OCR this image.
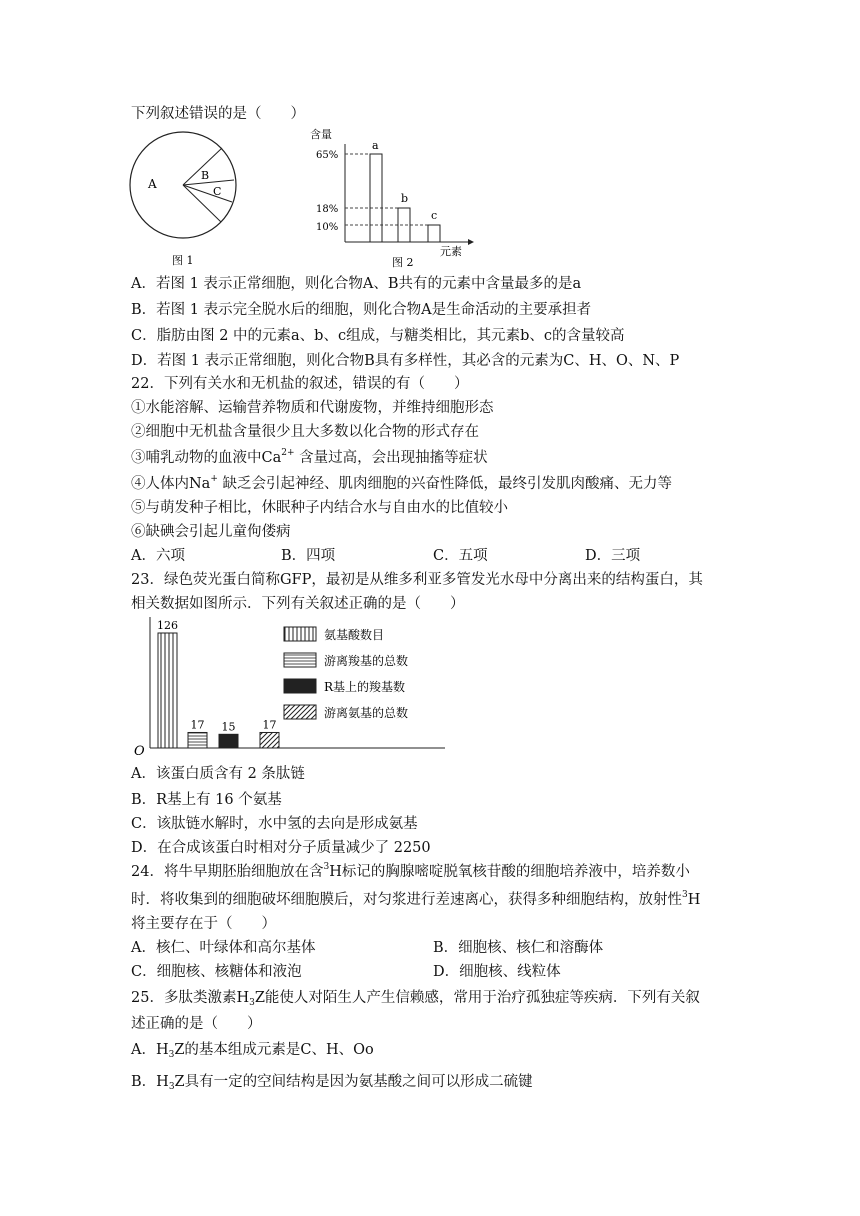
下列叙述错误的是（　　）
A
B
C
图 1
含量
65%
18%
10%
a
b
c
元素
图 2
A．若图 1 表示正常细胞，则化合物A、B共有的元素中含量最多的是a
B．若图 1 表示完全脱水后的细胞，则化合物A是生命活动的主要承担者
C．脂肪由图 2 中的元素a、b、c组成，与糖类相比，其元素b、c的含量较高
D．若图 1 表示正常细胞，则化合物B具有多样性，其必含的元素为C、H、O、N、P
22．下列有关水和无机盐的叙述，错误的有（　　）
①水能溶解、运输营养物质和代谢废物，并维持细胞形态
②细胞中无机盐含量很少且大多数以化合物的形式存在
③哺乳动物的血液中$Ca^{2+}$ 含量过高，会出现抽搐等症状
④人体内Na+ 缺乏会引起神经、肌肉细胞的兴奋性降低，最终引发肌肉酸痛、无力等
⑤与萌发种子相比，休眠种子内结合水与自由水的比值较小
⑥缺碘会引起儿童佝偻病
A．六项	B．四项	C．五项	D．三项
23．绿色荧光蛋白简称GFP，最初是从维多利亚多管发光水母中分离出来的结构蛋白，其
相关数据如图所示．下列有关叙述正确的是（　　）
O
126
17 15 17
氨基酸数目
游离羧基的总数
R基上的羧基数
游离氨基的总数
A．该蛋白质含有 2 条肽链
B．R基上有 16 个氨基
C．该肽链水解时，水中氢的去向是形成氨基
D．在合成该蛋白时相对分子质量减少了 2250
24．将牛早期胚胎细胞放在含$^3$H标记的胸腺嘧啶脱氧核苷酸的细胞培养液中，培养数小
时．将收集到的细胞破坏细胞膜后，对匀浆进行差速离心，获得多种细胞结构，放射性$^3$H
将主要存在于（　　）
A．核仁、叶绿体和高尔基体	B．细胞核、核仁和溶酶体
C．细胞核、核糖体和液泡	D．细胞核、线粒体
25．多肽类激素$H_3Z$能使人对陌生人产生信赖感，常用于治疗孤独症等疾病．下列有关叙
述正确的是（　　）
A．$H_3Z$的基本组成元素是C、H、Oo
B．$H_3Z$具有一定的空间结构是因为氨基酸之间可以形成二硫键
